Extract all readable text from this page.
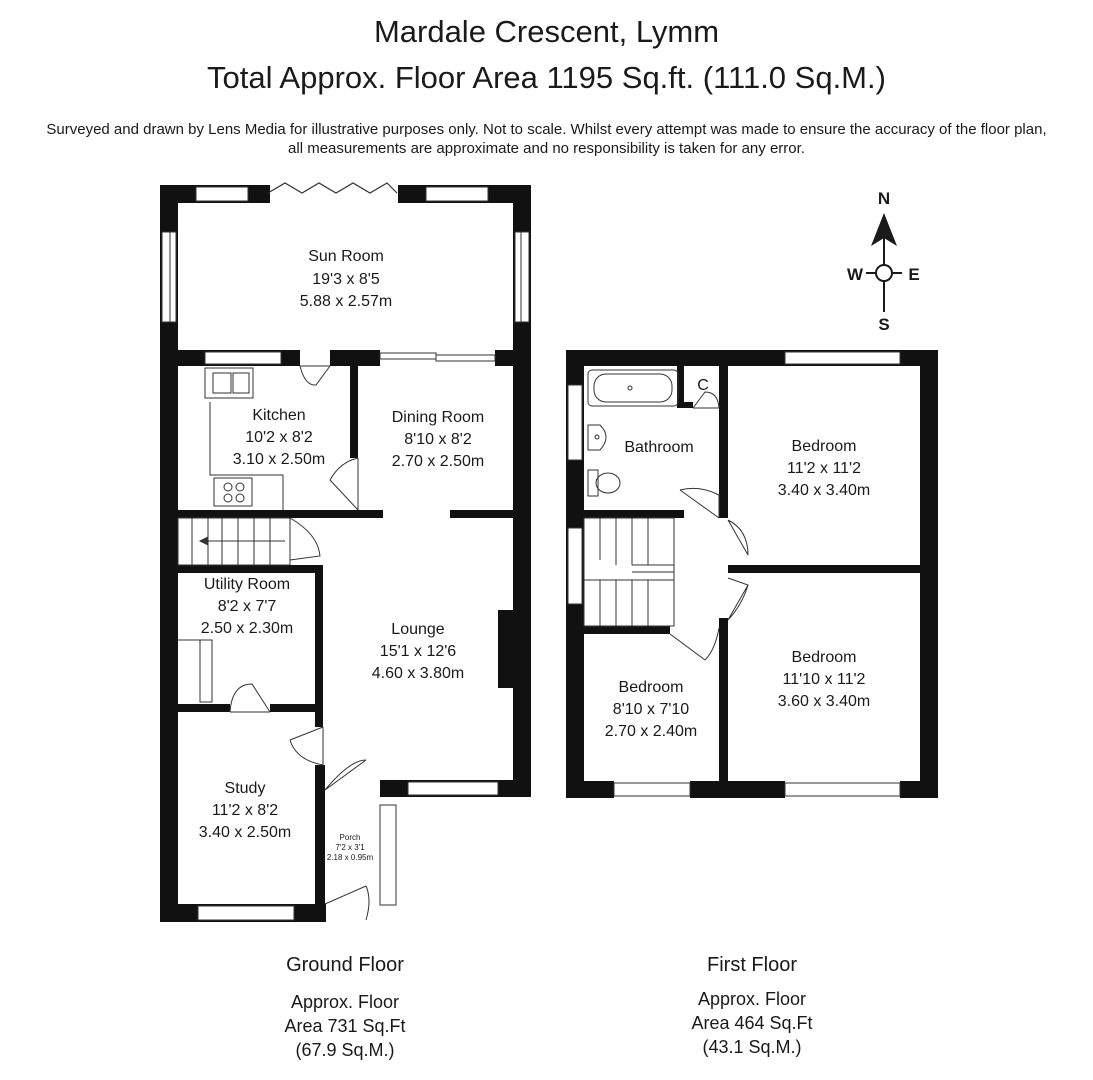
Mardale Crescent, Lymm
Total Approx. Floor Area 1195 Sq.ft. (111.0 Sq.M.)
Surveyed and drawn by Lens Media for illustrative purposes only. Not to scale. Whilst every attempt was made to ensure the accuracy of the floor plan,
all measurements are approximate and no responsibility is taken for any error.
Sun Room
19'3 x 8'5
5.88 x 2.57m
Kitchen
10'2 x 8'2
3.10 x 2.50m
Dining Room
8'10 x 8'2
2.70 x 2.50m
Utility Room
8'2 x 7'7
2.50 x 2.30m	Lounge
15'1 x 12'6
4.60 x 3.80m
Study
11'2 x 8'2
3.40 x 2.50m	Porch
7'2 x 3'1
2.18 x 0.95m
Bathroom
C
Bedroom
11'2 x 11'2
3.40 x 3.40m
Bedroom
11'10 x 11'2
3.60 x 3.40m
Bedroom
8'10 x 7'10
2.70 x 2.40m
N
S
E
W
Ground Floor
Approx. Floor
Area 731 Sq.Ft
(67.9 Sq.M.)
First Floor
Approx. Floor
Area 464 Sq.Ft
(43.1 Sq.M.)
